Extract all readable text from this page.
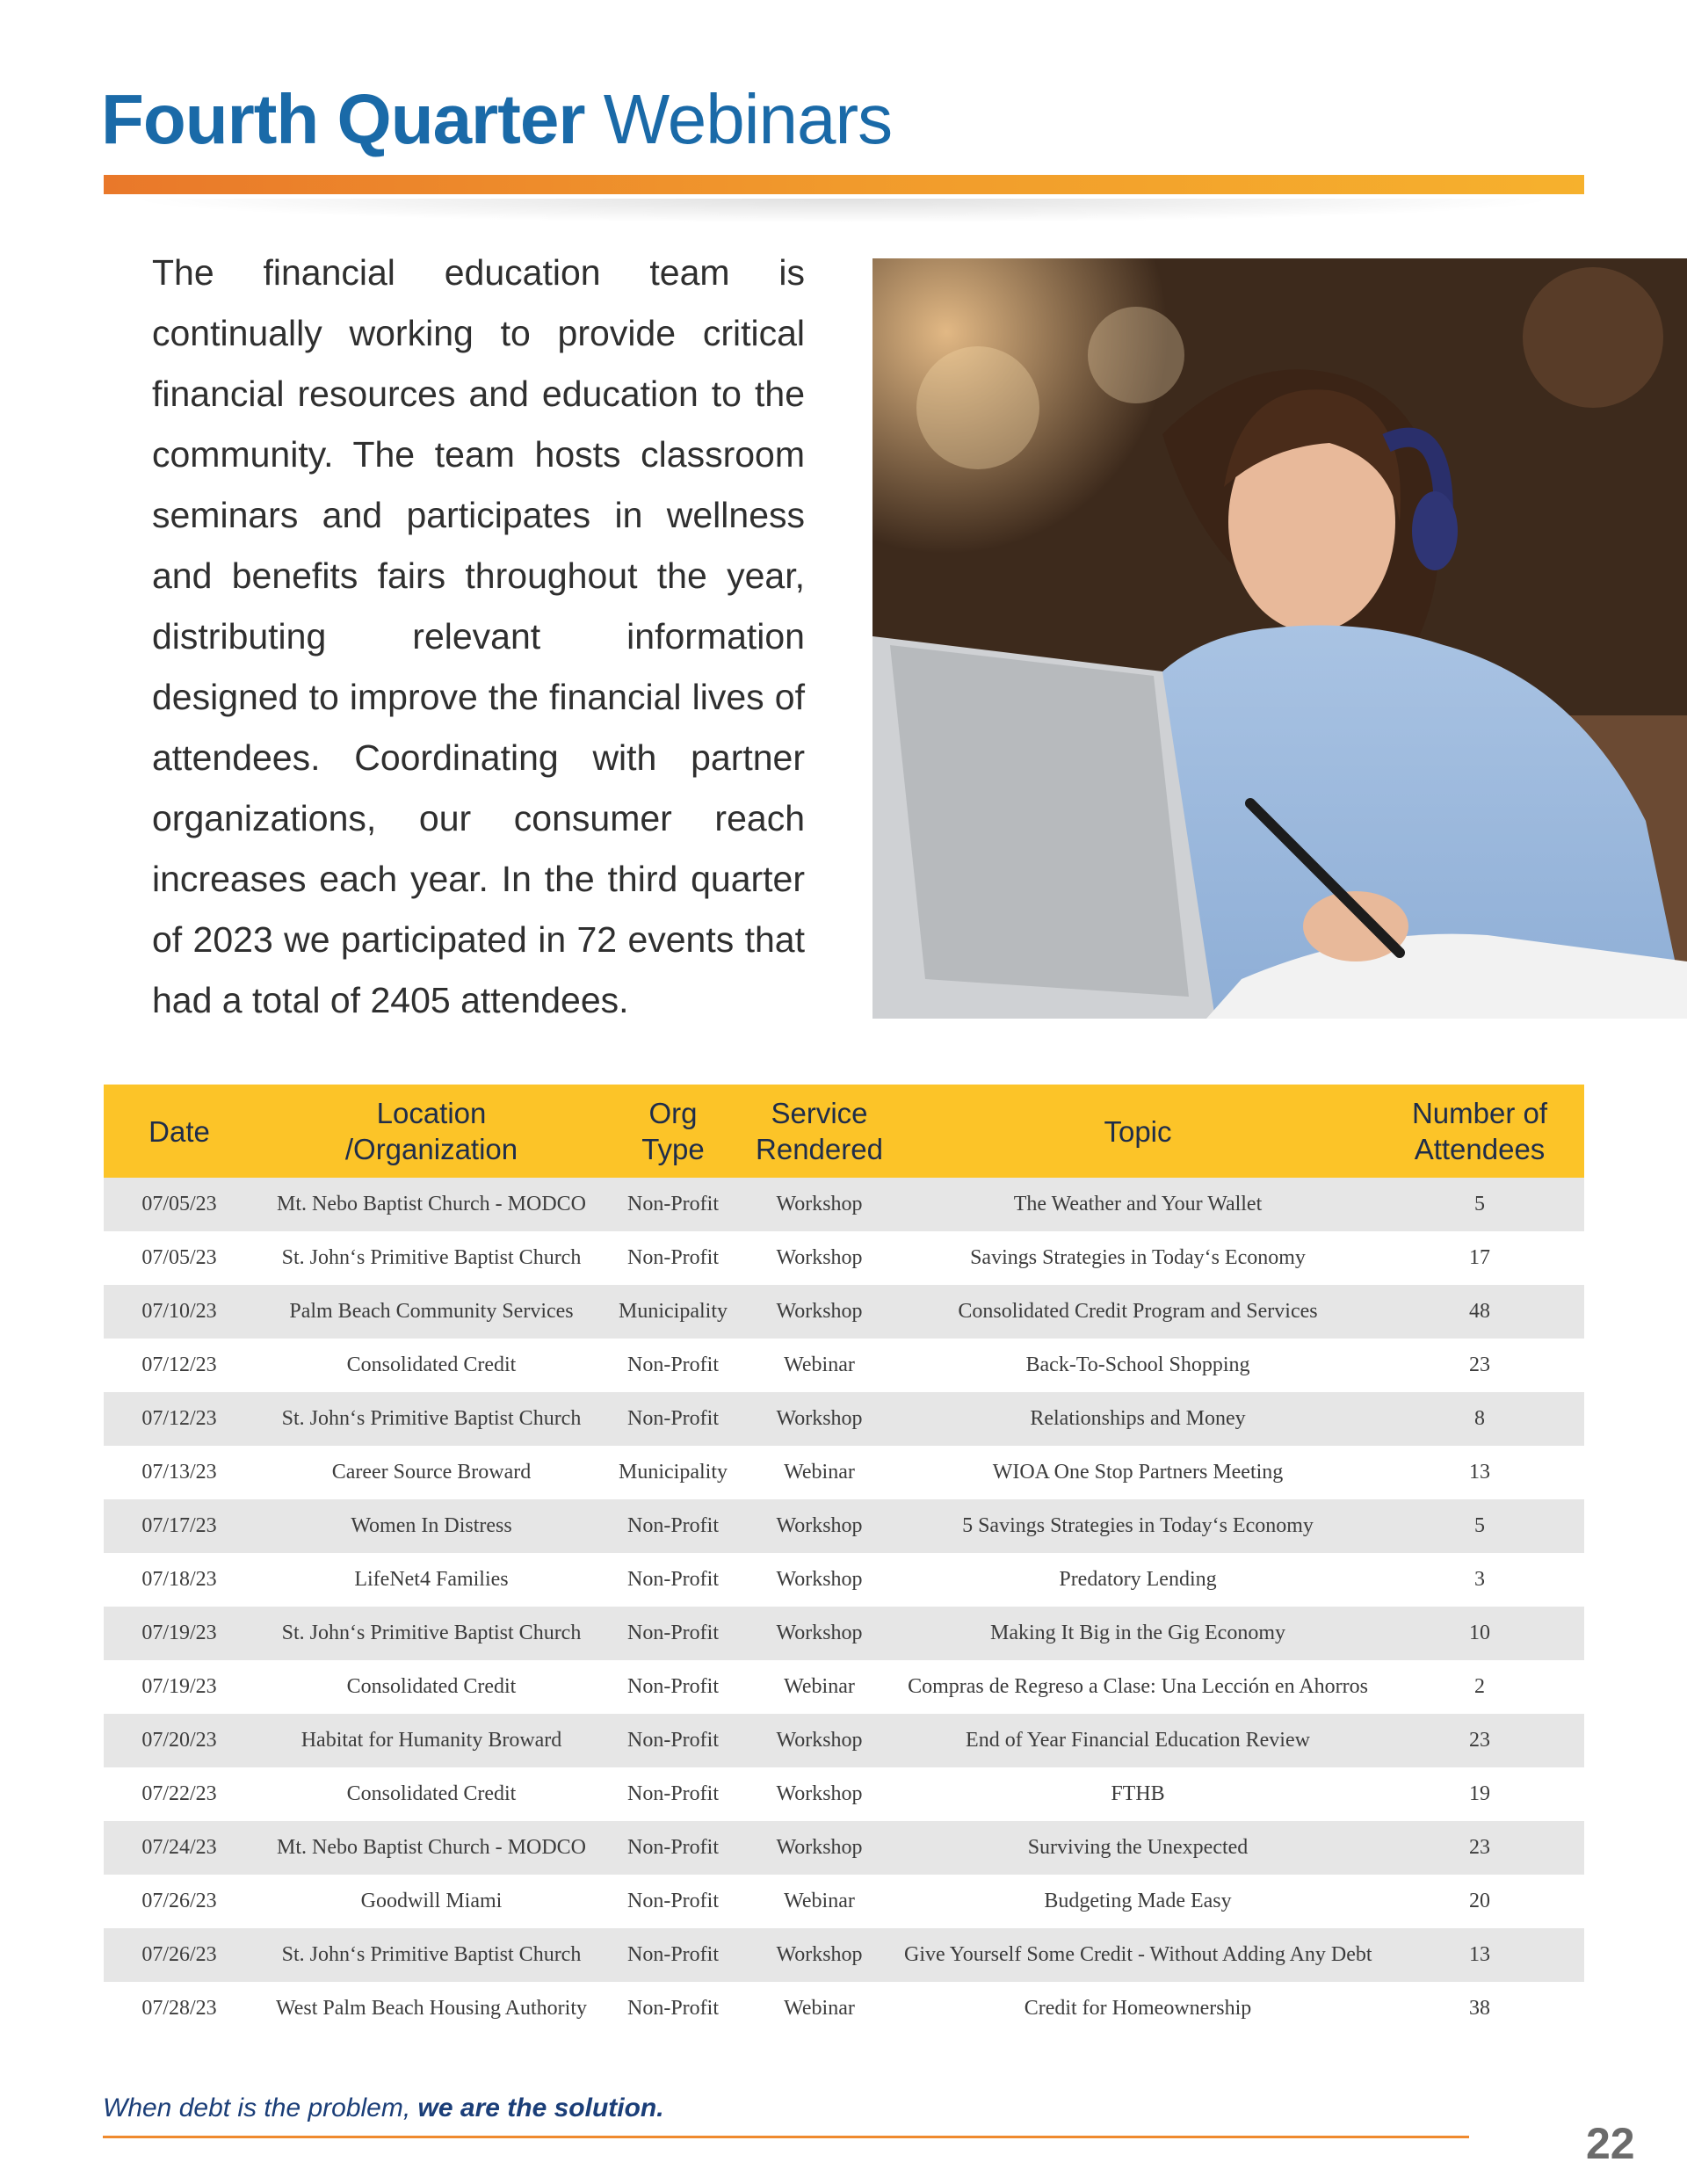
Fourth Quarter Webinars

The financial education team is continually working to provide critical financial resources and education to the community. The team hosts classroom seminars and participates in wellness and benefits fairs throughout the year, distributing relevant information designed to improve the financial lives of attendees. Coordinating with partner organizations, our consumer reach increases each year. In the third quarter of 2023 we participated in 72 events that had a total of 2405 attendees.

Date	Location /Organization	Org Type	Service Rendered	Topic	Number of Attendees
07/05/23	Mt. Nebo Baptist Church - MODCO	Non-Profit	Workshop	The Weather and Your Wallet	5
07/05/23	St. John‘s Primitive Baptist Church	Non-Profit	Workshop	Savings Strategies in Today‘s Economy	17
07/10/23	Palm Beach Community Services	Municipality	Workshop	Consolidated Credit Program and Services	48
07/12/23	Consolidated Credit	Non-Profit	Webinar	Back-To-School Shopping	23
07/12/23	St. John‘s Primitive Baptist Church	Non-Profit	Workshop	Relationships and Money	8
07/13/23	Career Source Broward	Municipality	Webinar	WIOA One Stop Partners Meeting	13
07/17/23	Women In Distress	Non-Profit	Workshop	5 Savings Strategies in Today‘s Economy	5
07/18/23	LifeNet4 Families	Non-Profit	Workshop	Predatory Lending	3
07/19/23	St. John‘s Primitive Baptist Church	Non-Profit	Workshop	Making It Big in the Gig Economy	10
07/19/23	Consolidated Credit	Non-Profit	Webinar	Compras de Regreso a Clase: Una Lección en Ahorros	2
07/20/23	Habitat for Humanity Broward	Non-Profit	Workshop	End of Year Financial Education Review	23
07/22/23	Consolidated Credit	Non-Profit	Workshop	FTHB	19
07/24/23	Mt. Nebo Baptist Church - MODCO	Non-Profit	Workshop	Surviving the Unexpected	23
07/26/23	Goodwill Miami	Non-Profit	Webinar	Budgeting Made Easy	20
07/26/23	St. John‘s Primitive Baptist Church	Non-Profit	Workshop	Give Yourself Some Credit - Without Adding Any Debt	13
07/28/23	West Palm Beach Housing Authority	Non-Profit	Webinar	Credit for Homeownership	38
When debt is the problem, we are the solution.
22
